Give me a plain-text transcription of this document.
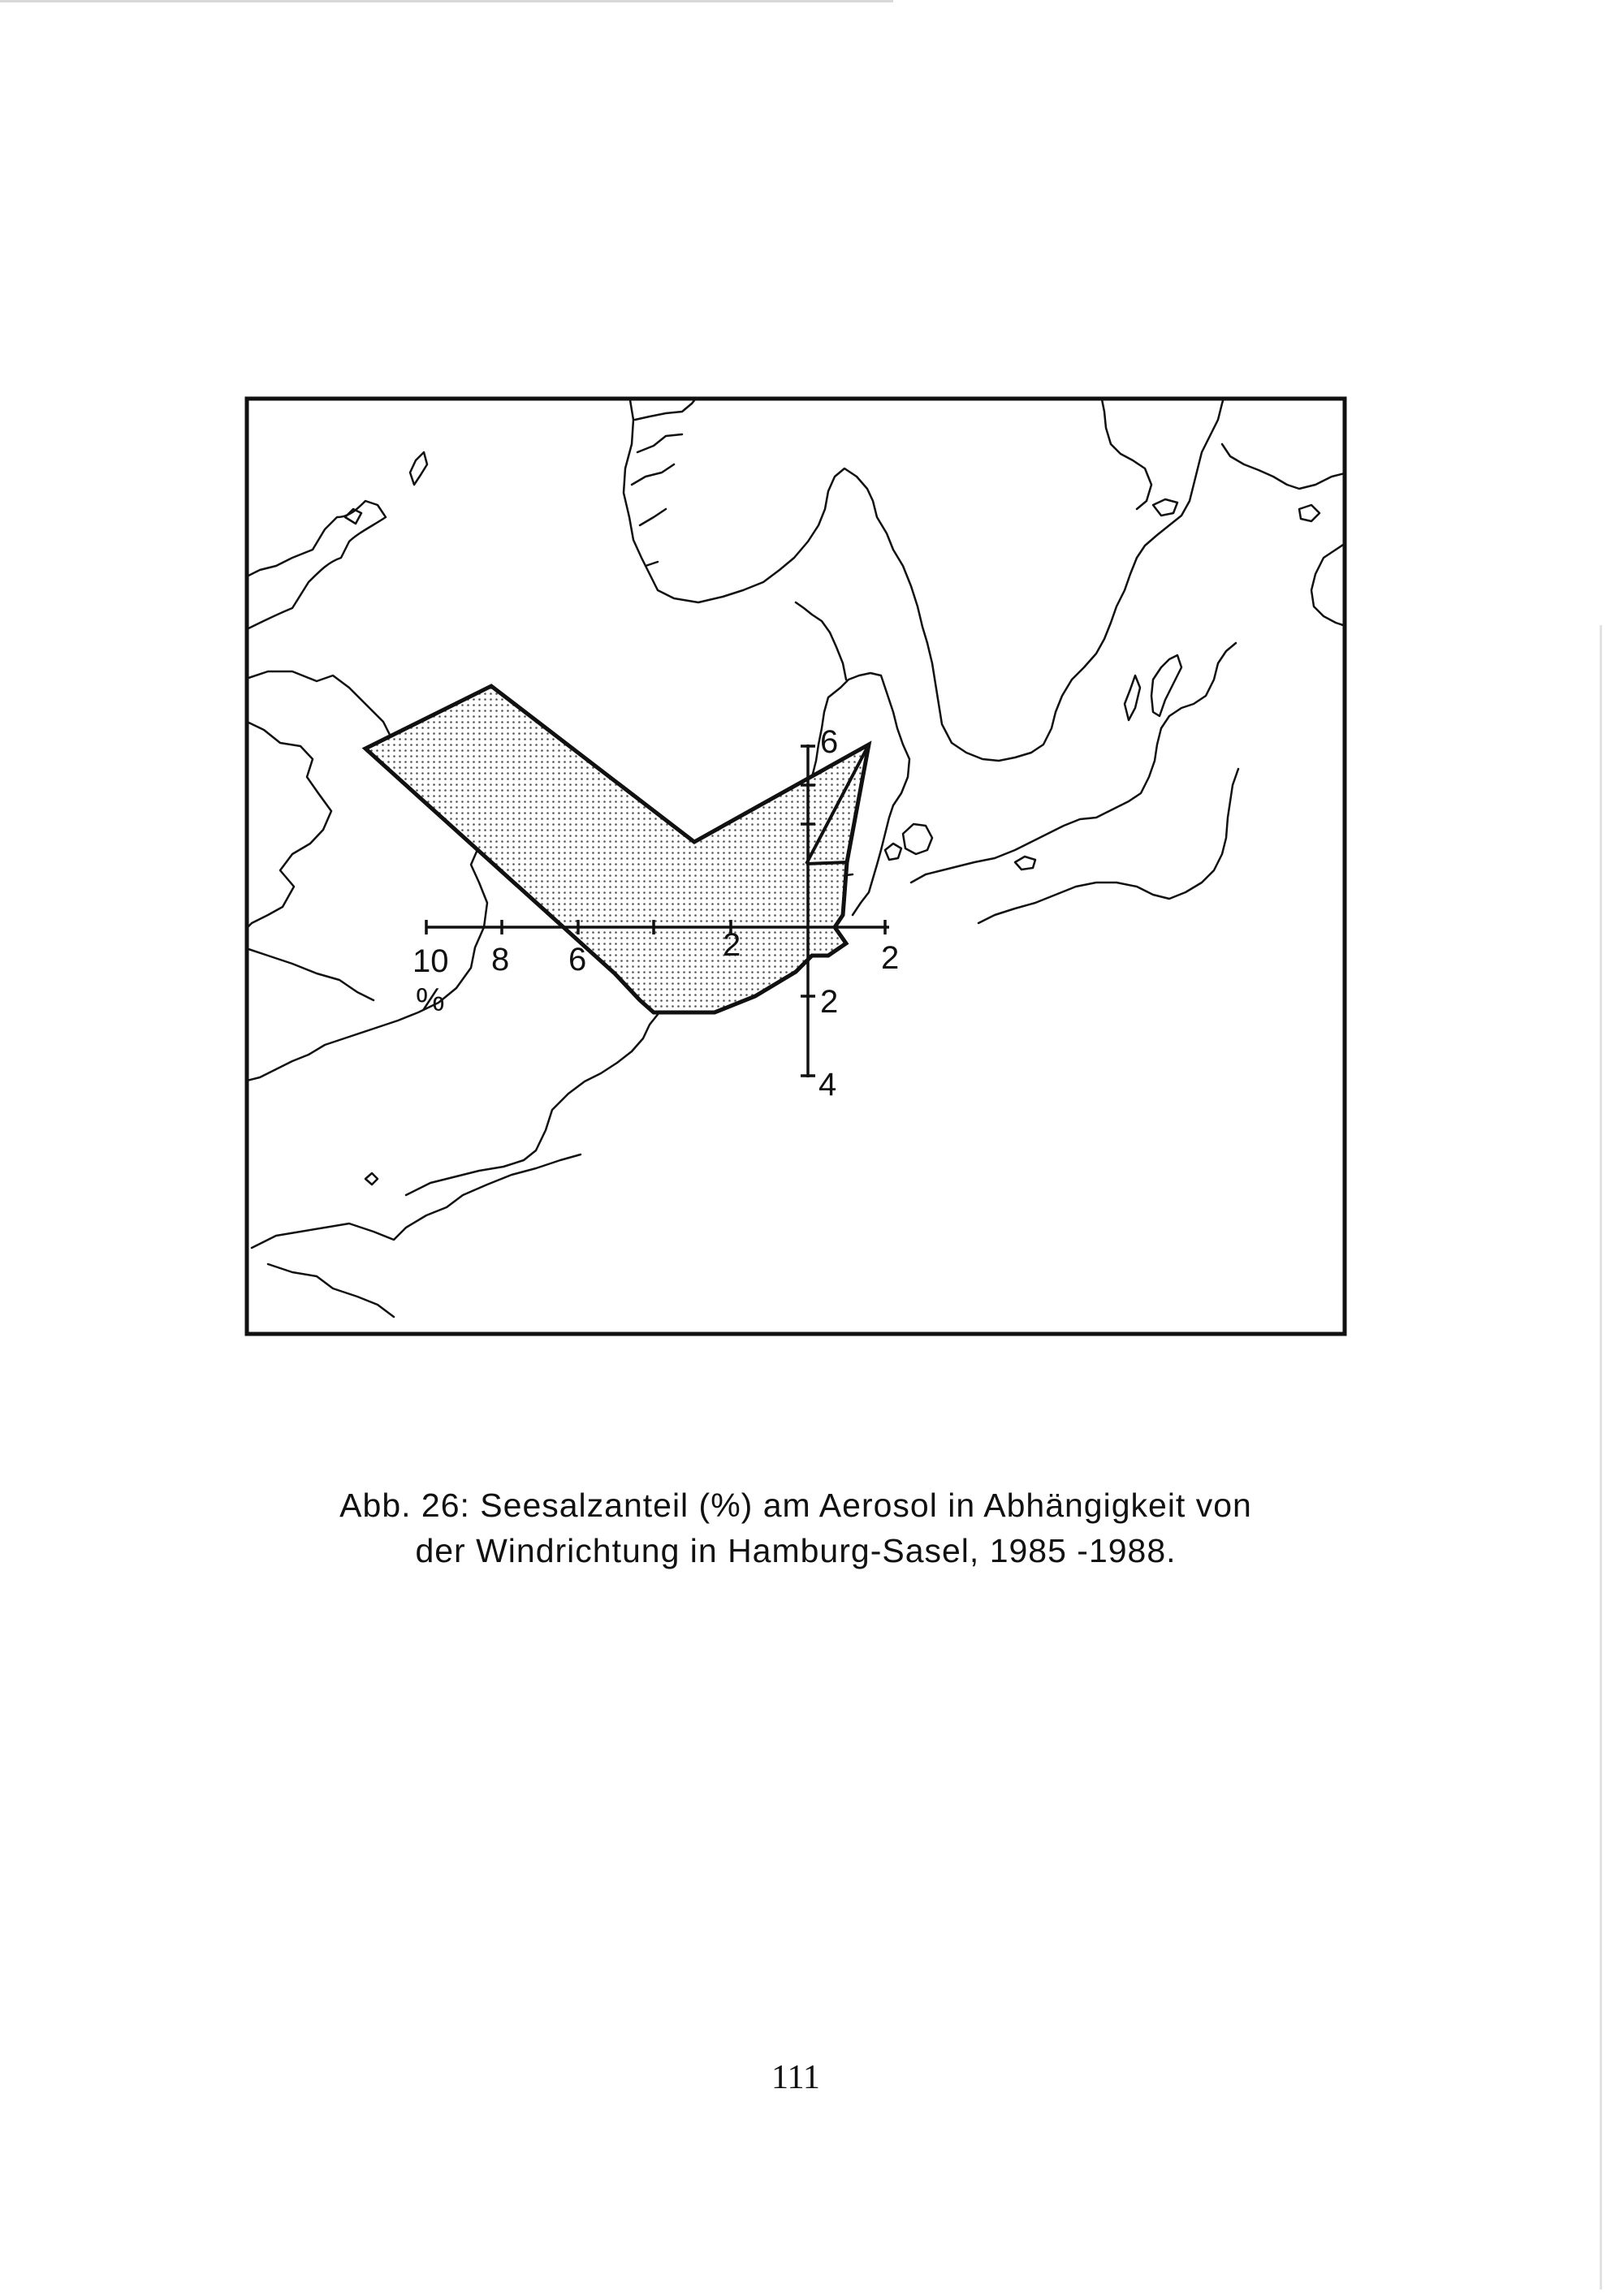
10
%
8 6	2	2
6
2
4
Abb. 26: Seesalzanteil (%) am Aerosol in Abhängigkeit von
der Windrichtung in Hamburg-Sasel, 1985 -1988.
111
